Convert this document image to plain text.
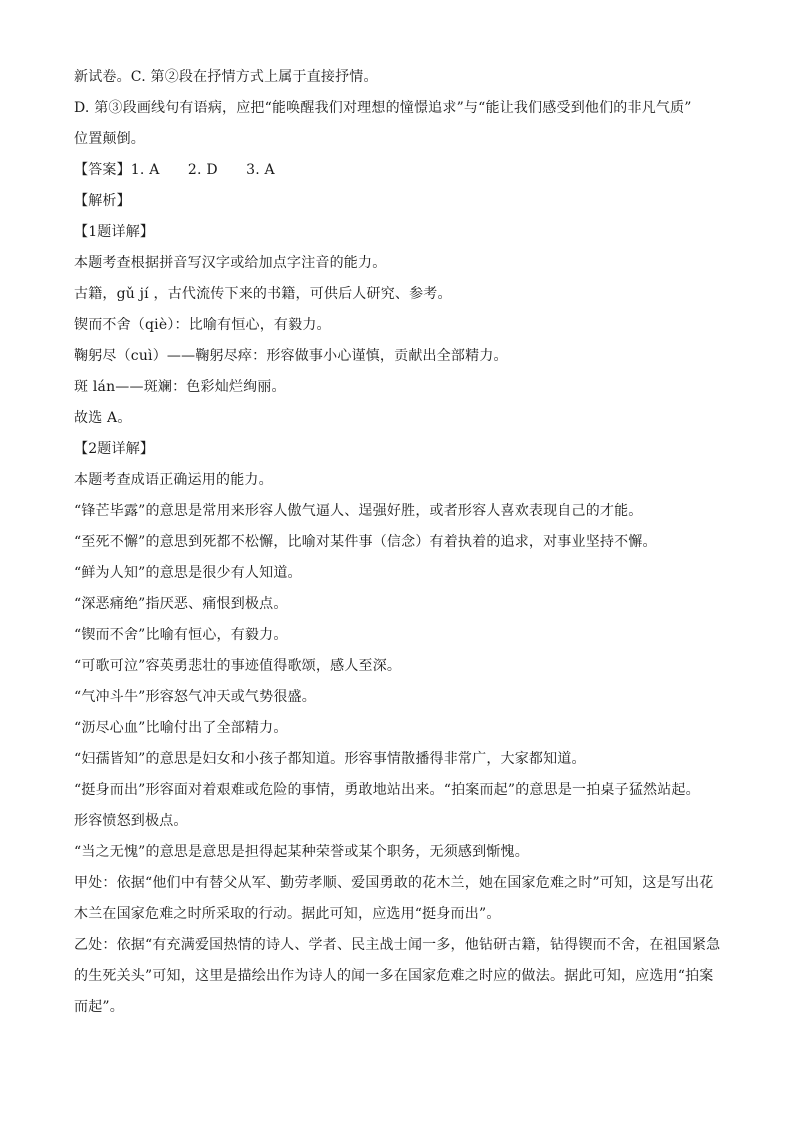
新试卷。C. 第②段在抒情方式上属于直接抒情。
D. 第③段画线句有语病，应把“能唤醒我们对理想的憧憬追求”与“能让我们感受到他们的非凡气质”
位置颠倒。
【答案】1. A　　2. D　　3. A
【解析】
【1题详解】
本题考查根据拼音写汉字或给加点字注音的能力。
古籍，gǔ jí ，古代流传下来的书籍，可供后人研究、参考。
锲而不舍（qiè）：比喻有恒心，有毅力。
鞠躬尽（cuì）——鞠躬尽瘁：形容做事小心谨慎，贡献出全部精力。
斑 lán——斑斓：色彩灿烂绚丽。
故选 A。
【2题详解】
本题考查成语正确运用的能力。
“锋芒毕露”的意思是常用来形容人傲气逼人、逞强好胜，或者形容人喜欢表现自己的才能。
“至死不懈”的意思到死都不松懈，比喻对某件事（信念）有着执着的追求，对事业坚持不懈。
“鲜为人知”的意思是很少有人知道。
“深恶痛绝”指厌恶、痛恨到极点。
“锲而不舍”比喻有恒心，有毅力。
“可歌可泣”容英勇悲壮的事迹值得歌颂，感人至深。
“气冲斗牛”形容怒气冲天或气势很盛。
“沥尽心血”比喻付出了全部精力。
“妇孺皆知”的意思是妇女和小孩子都知道。形容事情散播得非常广，大家都知道。
“挺身而出”形容面对着艰难或危险的事情，勇敢地站出来。“拍案而起”的意思是一拍桌子猛然站起。
形容愤怒到极点。
“当之无愧”的意思是意思是担得起某种荣誉或某个职务，无须感到惭愧。
甲处：依据“他们中有替父从军、勤劳孝顺、爱国勇敢的花木兰，她在国家危难之时”可知，这是写出花
木兰在国家危难之时所采取的行动。据此可知，应选用“挺身而出”。
乙处：依据“有充满爱国热情的诗人、学者、民主战士闻一多，他钻研古籍，钻得锲而不舍，在祖国紧急
的生死关头”可知，这里是描绘出作为诗人的闻一多在国家危难之时应的做法。据此可知，应选用“拍案
而起”。
